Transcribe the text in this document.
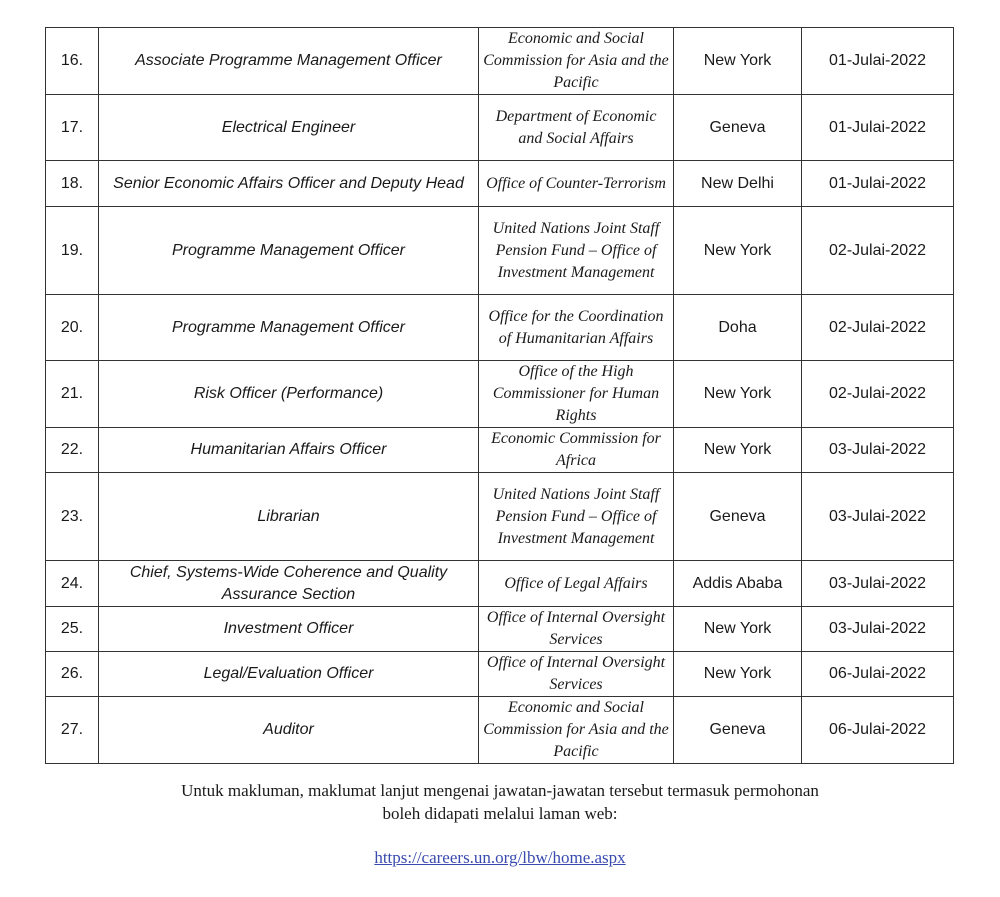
16.	Associate Programme Management Officer	Economic and Social Commission for Asia and the Pacific	New York	01-Julai-2022
17.	Electrical Engineer	Department of Economic and Social Affairs	Geneva	01-Julai-2022
18.	Senior Economic Affairs Officer and Deputy Head	Office of Counter-Terrorism	New Delhi	01-Julai-2022
19.	Programme Management Officer	United Nations Joint Staff Pension Fund – Office of Investment Management	New York	02-Julai-2022
20.	Programme Management Officer	Office for the Coordination of Humanitarian Affairs	Doha	02-Julai-2022
21.	Risk Officer (Performance)	Office of the High Commissioner for Human Rights	New York	02-Julai-2022
22.	Humanitarian Affairs Officer	Economic Commission for Africa	New York	03-Julai-2022
23.	Librarian	United Nations Joint Staff Pension Fund – Office of Investment Management	Geneva	03-Julai-2022
24.	Chief, Systems-Wide Coherence and Quality Assurance Section	Office of Legal Affairs	Addis Ababa	03-Julai-2022
25.	Investment Officer	Office of Internal Oversight Services	New York	03-Julai-2022
26.	Legal/Evaluation Officer	Office of Internal Oversight Services	New York	06-Julai-2022
27.	Auditor	Economic and Social Commission for Asia and the Pacific	Geneva	06-Julai-2022
Untuk makluman, maklumat lanjut mengenai jawatan-jawatan tersebut termasuk permohonan
boleh didapati melalui laman web:
https://careers.un.org/lbw/home.aspx
